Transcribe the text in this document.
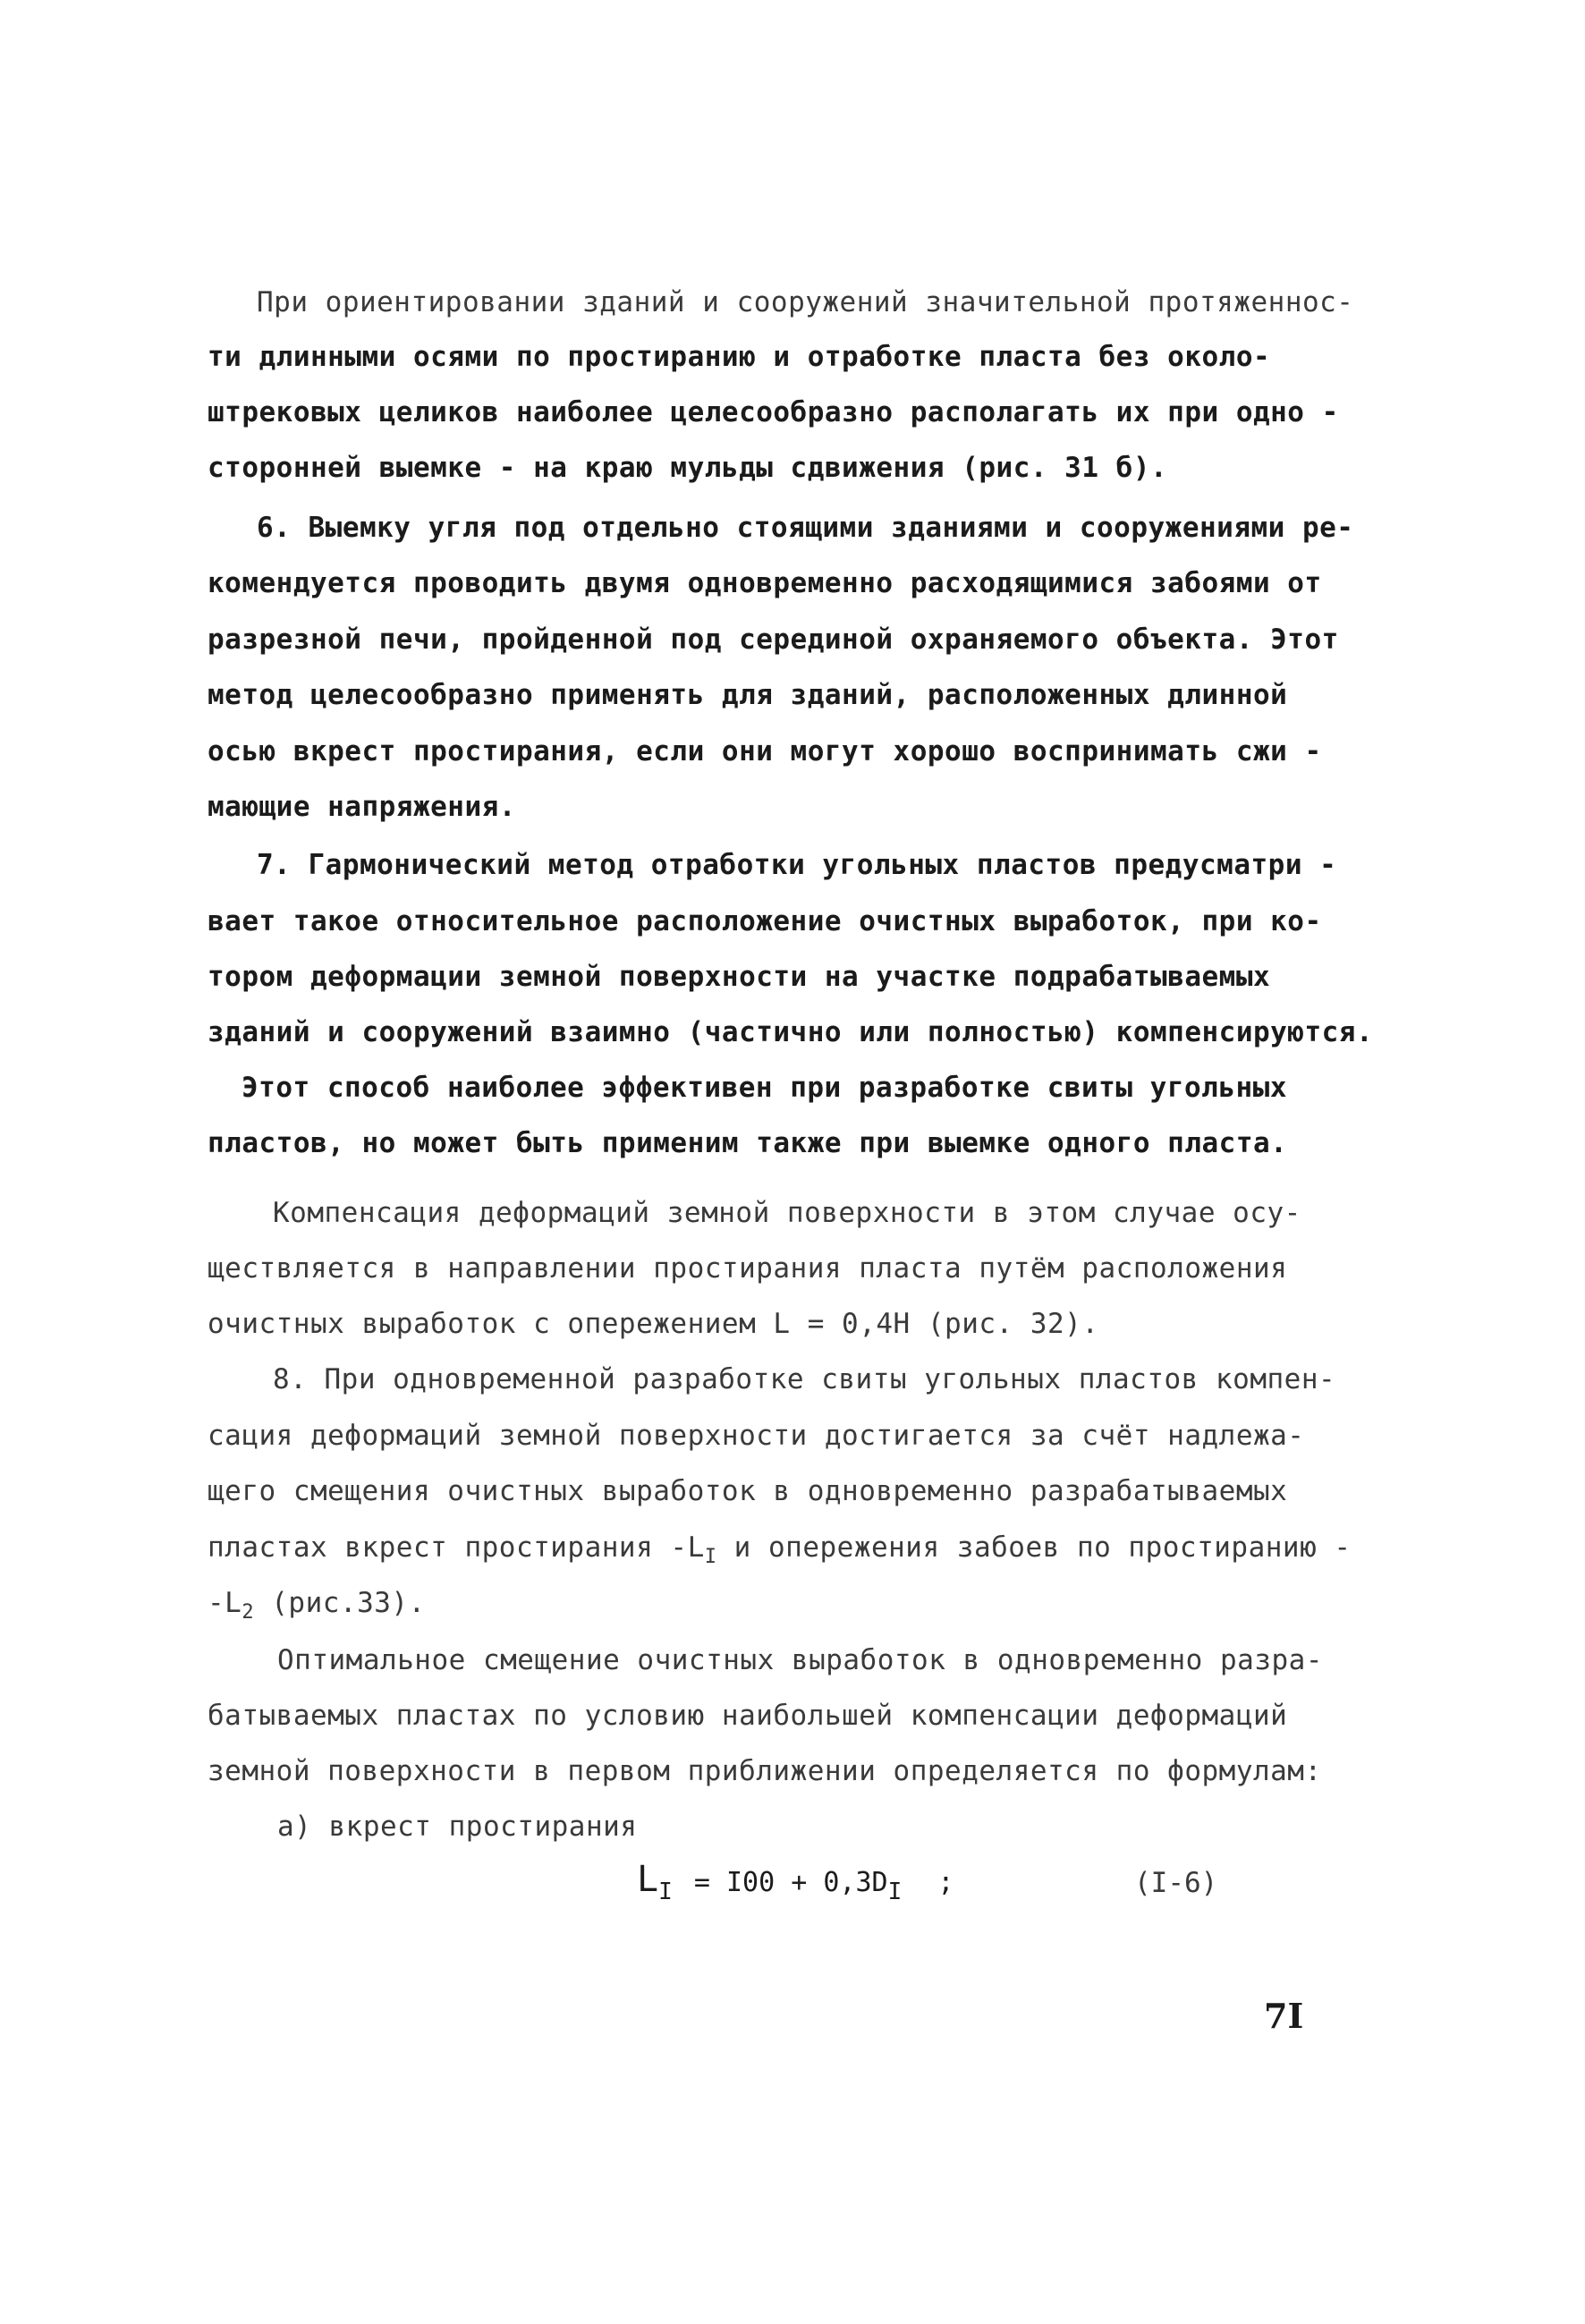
При ориентировании зданий и сооружений значительной протяженнос-
ти длинными осями по простиранию и отработке пласта без около-
штрековых целиков наиболее целесообразно располагать их при одно -
сторонней выемке - на краю мульды сдвижения (рис. 31 б).
6. Выемку угля под отдельно стоящими зданиями и сооружениями ре-
комендуется проводить двумя одновременно расходящимися забоями от
разрезной печи, пройденной под серединой охраняемого объекта. Этот
метод целесообразно применять для зданий, расположенных длинной
осью вкрест простирания, если они могут хорошо воспринимать сжи -
мающие напряжения.
7. Гармонический метод отработки угольных пластов предусматри -
вает такое относительное расположение очистных выработок, при ко-
тором деформации земной поверхности на участке подрабатываемых
зданий и сооружений взаимно (частично или полностью) компенсируются.
Этот способ наиболее эффективен при разработке свиты угольных
пластов, но может быть применим также при выемке одного пласта.
Компенсация деформаций земной поверхности в этом случае осу-
ществляется в направлении простирания пласта путём расположения
очистных выработок с опережением L = 0,4Н (рис. 32).
8. При одновременной разработке свиты угольных пластов компен-
сация деформаций земной поверхности достигается за счёт надлежа-
щего смещения очистных выработок в одновременно разрабатываемых
пластах вкрест простирания $-L_I$ и опережения забоев по простиранию -
$-L_2$ (рис.33).
Оптимальное смещение очистных выработок в одновременно разра-
батываемых пластах по условию наибольшей компенсации деформаций
земной поверхности в первом приближении определяется по формулам:
а) вкрест простирания
$L_I = I00 + 0,3D_I$ ;	(I-6)
7I
